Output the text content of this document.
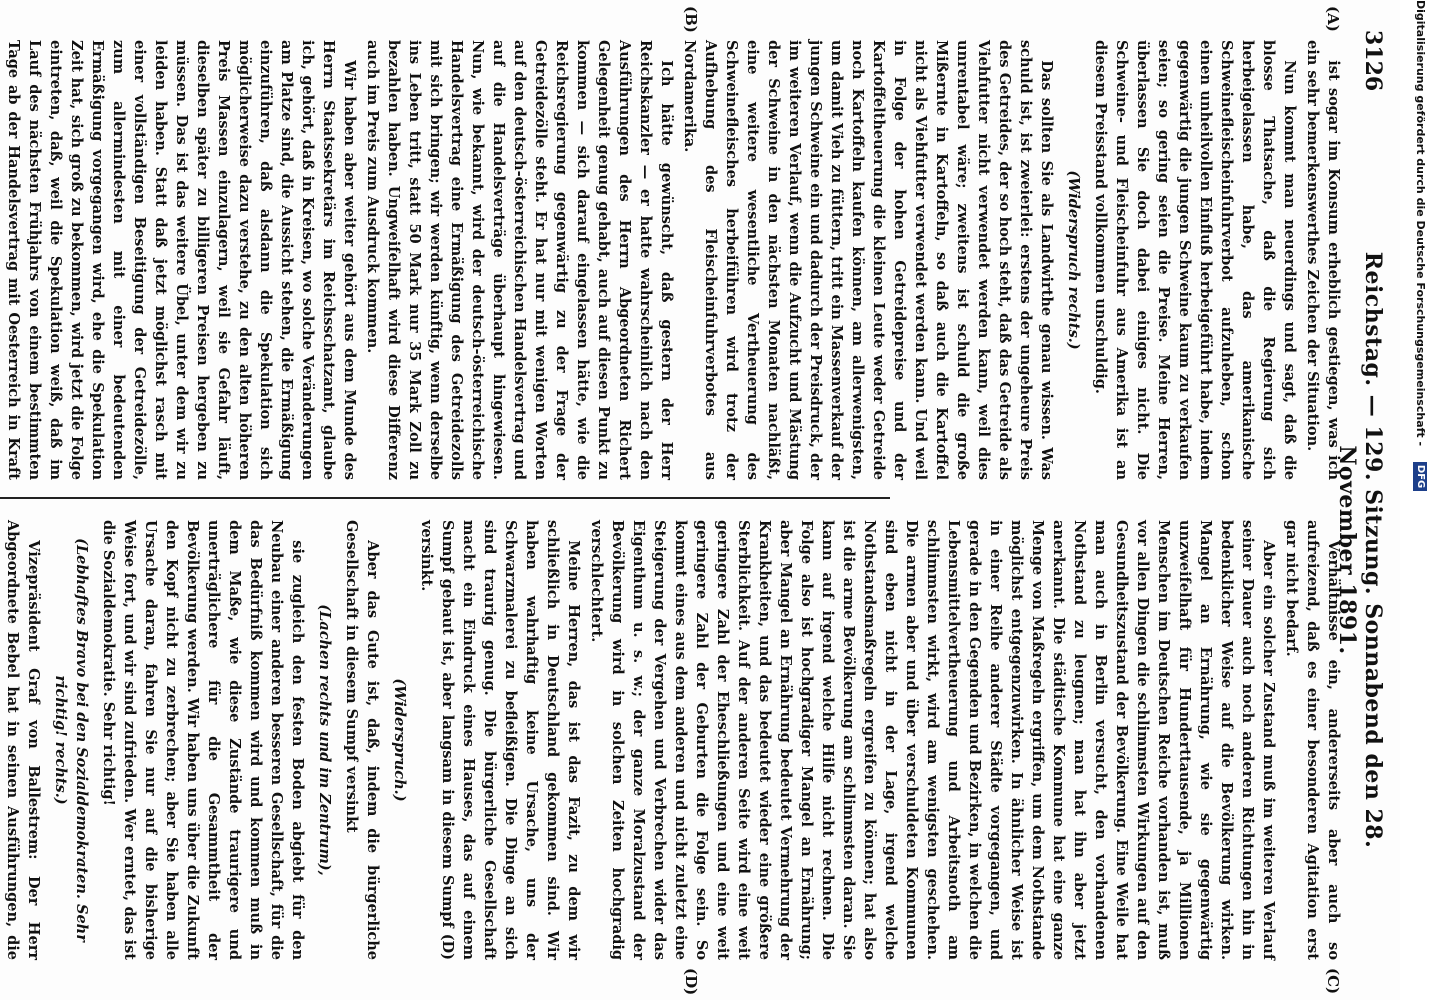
3126
Reichstag. — 129. Sitzung. Sonnabend den 28. November 1891.
(A)
(B)
(C)
(D)

ist sogar im Konsum erheblich gestiegen, was ich ein sehr bemerkenswerthes Zeichen der Situation.

Nun kommt man neuerdings und sagt, daß die blosse Thatsache, daß die Regierung sich herbeigelassen habe, das amerikanische Schweinefleischeinfuhrverbot aufzuheben, schon einen unheilvollen Einfluß herbeigeführt habe, indem gegenwärtig die jungen Schweine kaum zu verkaufen seien; so gering seien die Preise. Meine Herren, überlassen Sie doch dabei einiges nicht. Die Schweine- und Fleischeinfuhr aus Amerika ist an diesem Preisstand vollkommen unschuldig.

(Widerspruch rechts.)

Das sollten Sie als Landwirthe genau wissen. Was schuld ist, ist zweierlei: erstens der ungeheure Preis des Getreides, der so hoch steht, daß das Getreide als Viehfutter nicht verwendet werden kann, weil dies unrentabel wäre; zweitens ist schuld die große Mißernte in Kartoffeln, so daß auch die Kartoffel nicht als Viehfutter verwendet werden kann. Und weil in Folge der hohen Getreidepreise und der Kartoffeltheuerung die kleinen Leute weder Getreide noch Kartoffeln kaufen können, am allerwenigsten, um damit Vieh zu füttern, tritt ein Massenverkauf der jungen Schweine ein und dadurch der Preisdruck, der im weiteren Verlauf, wenn die Aufzucht und Mästung der Schweine in den nächsten Monaten nachläßt, eine weitere wesentliche Vertheuerung des Schweinefleisches herbeiführen wird trotz der Aufhebung des Fleischeinfuhrverbotes aus Nordamerika.

Ich hätte gewünscht, daß gestern der Herr Reichskanzler — er hatte wahrscheinlich nach den Ausführungen des Herrn Abgeordneten Richert Gelegenheit genug gehabt, auch auf diesen Punkt zu kommen — sich darauf eingelassen hätte, wie die Reichsregierung gegenwärtig zu der Frage der Getreidezölle steht. Er hat nur mit wenigen Worten auf den deutsch-österreichischen Handelsvertrag und auf die Handelsverträge überhaupt hingewiesen. Nun, wie bekannt, wird der deutsch-österreichische Handelsvertrag eine Ermäßigung des Getreidezolls mit sich bringen; wir werden künftig, wenn derselbe ins Leben tritt, statt 50 Mark nur 35 Mark Zoll zu bezahlen haben. Ungweifelhaft wird diese Differenz auch im Preis zum Ausdruck kommen.

Wir haben aber weiter gehört aus dem Munde des Herrn Staatssekretärs im Reichsschatzamt, glaube ich, gehört, daß in Kreisen, wo solche Veränderungen am Platze sind, die Aussicht stehen, die Ermäßigung einzuführen, daß alsdann die Spekulation sich möglicherweise dazu verstehe, zu den alten höheren Preis Massen einzulagern, weil sie Gefahr läuft, dieselben später zu billigeren Preisen hergeben zu müssen. Das ist das weitere Übel, unter dem wir zu leiden haben. Statt daß jetzt möglichst rasch mit einer vollständigen Beseitigung der Getreidezölle, zum allermindesten mit einer bedeutenden Ermäßigung vorgegangen wird, ehe die Spekulation Zeit hat, sich groß zu bekommen, wird jetzt die Folge eintreten, daß, weil die Spekulation weiß, daß im Lauf des nächsten Frühjahrs von einem bestimmten Tage ab der Handelsvertrag mit Oesterreich in Kraft

Verhältnisse ein, andererseits aber auch so aufreizend, daß es einer besonderen Agitation erst gar nicht bedarf.

Aber ein solcher Zustand muß im weiteren Verlauf seiner Dauer auch noch anderen Richtungen hin in bedenklicher Weise auf die Bevölkerung wirken. Mangel an Ernährung, wie sie gegenwärtig unzweifelhaft für Hunderttausende, ja Millionen Menschen im Deutschen Reiche vorhanden ist, muß vor allen Dingen die schlimmsten Wirkungen auf den Gesundheitszustand der Bevölkerung. Eine Weile hat man auch in Berlin versucht, den vorhandenen Nothstand zu leugnen; man hat ihn aber jetzt anerkannt. Die städtische Kommune hat eine ganze Menge von Maßregeln ergriffen, um dem Nothstande möglichst entgegenzuwirken. In ähnlicher Weise ist in einer Reihe anderer Städte vorgegangen, und gerade in den Gegenden und Bezirken, in welchen die Lebensmittelvertheuerung und Arbeitsnoth am schlimmsten wirkt, wird am wenigsten geschehen. Die armen aber und über verschuldeten Kommunen sind eben nicht in der Lage, irgend welche Nothstandsmaßregeln ergreifen zu können; hat also ist die arme Bevölkerung am schlimmsten daran. Sie kann auf irgend welche Hilfe nicht rechnen. Die Folge also ist hochgradiger Mangel an Ernährung; aber Mangel an Ernährung bedeutet Vermehrung der Krankheiten, und das bedeutet wieder eine größere Sterblichkeit. Auf der anderen Seite wird eine weit geringere Zahl der Eheschließungen und eine weit geringere Zahl der Geburten die Folge sein. So kommt eines aus dem anderen und nicht zuletzt eine Steigerung der Vergehen und Verbrechen wider das Eigenthum u. s. w.; der ganze Moralzustand der Bevölkerung wird in solchen Zeiten hochgradig verschlechtert.

Meine Herren, das ist das Fazit, zu dem wir schließlich in Deutschland gekommen sind. Wir haben wahrhaftig keine Ursache, uns der Schwarzmalerei zu befleißigen. Die Dinge an sich sind traurig genug. Die bürgerliche Gesellschaft macht ein Eindruck eines Hauses, das auf einem Sumpf gebaut ist, aber langsam in diesem Sumpf (D) versinkt.

(Widerspruch.)

Aber das Gute ist, daß, indem die bürgerliche Gesellschaft in diesem Sumpf versinkt

(Lachen rechts und im Zentrum),

sie zugleich den festen Boden abgiebt für den Neubau einer anderen besseren Gesellschaft, für die das Bedürfniß kommen wird und kommen muß in dem Maße, wie diese Zustände traurigere und unerträglichere für die Gesammtheit der Bevölkerung werden. Wir haben uns über die Zukunft den Kopf nicht zu zerbrechen; aber Sie haben alle Ursache daran, fahren Sie nur auf die bisherige Weise fort, und wir sind zufrieden. Wer erntet, das ist die Sozialdemokratie. Sehr richtig!

(Lebhaftes Bravo bei den Sozialdemokraten. Sehr richtig! rechts.)

Vizepräsident Graf von Ballestrem: Der Herr Abgeordnete Bebel hat in seinen Ausführungen, die

Digitalisierung gefördert durch die Deutsche Forschungsgemeinschaft - DFG
